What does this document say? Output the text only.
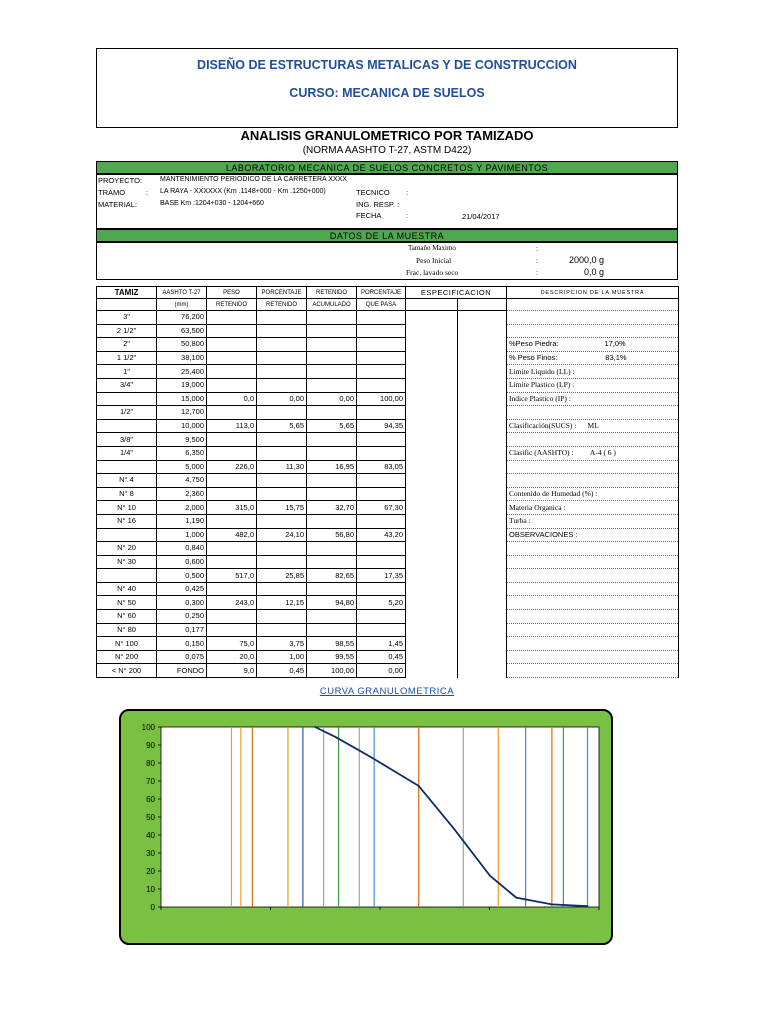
DISEÑO DE ESTRUCTURAS METALICAS Y DE CONSTRUCCION
CURSO: MECANICA DE SUELOS
ANALISIS GRANULOMETRICO POR TAMIZADO
(NORMA AASHTO T-27, ASTM D422)
LABORATORIO MECANICA DE SUELOS CONCRETOS Y PAVIMENTOS
PROYECTO:	MANTENIMIENTO PERIÓDICO DE LA CARRETERA XXXX
TRAMO	: LA RAYA - XXXXXX (Km .1148+000 - Km .1250+000)	TECNICO :
MATERIAL:	BASE Km :1204+030 - 1204+660	ING. RESP. :
FECHA	:	21/04/2017
DATOS DE LA MUESTRA
Tamaño Maximo	:
Peso Inicial	:	2000,0 g
Frac. lavado seco	:	0,0 g
TAMIZ	AASHTO T-27	PESO	PORCENTAJE	RETENIDO	PORCENTAJE	ESPECIFICACION		DESCRIPCION DE LA MUESTRA
	(mm)	RETENIDO	RETENIDO	ACUMULADO	QUE PASA			
3"	76,200							
2 1/2"	63,500							
2"	50,800							%Peso Piedra:                      17,0%
1 1/2"	38,100							% Peso Finos:                       83,1%
1"	25,400							Limite Liquido (LL) :
3/4"	19,000							Limite Plastico (LP) :
	15,000	0,0	0,00	0,00	100,00			Indice Plastico (IP) :
1/2"	12,700							
	10,000	113,0	5,65	5,65	94,35			Clasificación(SUCS) :      ML
3/8"	9,500							
1/4"	6,350							Clasific (AASHTO) :         A-4 ( 6 )
	5,000	226,0	11,30	16,95	83,05			
N° 4	4,750							
N° 8	2,360							Contenido de Humedad (%) :
N° 10	2,000	315,0	15,75	32,70	67,30			Materia Organica :
N° 16	1,190							Turba :
	1,000	482,0	24,10	56,80	43,20			OBSERVACIONES :
N° 20	0,840							
N° 30	0,600							
	0,500	517,0	25,85	82,65	17,35			
N° 40	0,425							
N° 50	0,300	243,0	12,15	94,80	5,20			
N° 60	0,250							
N° 80	0,177							
N° 100	0,150	75,0	3,75	98,55	1,45			
N° 200	0,075	20,0	1,00	99,55	0,45			
< N° 200	FONDO	9,0	0,45	100,00	0,00			
CURVA GRANULOMETRICA
0
10
20
30
40
50
60
70
80
90
100
